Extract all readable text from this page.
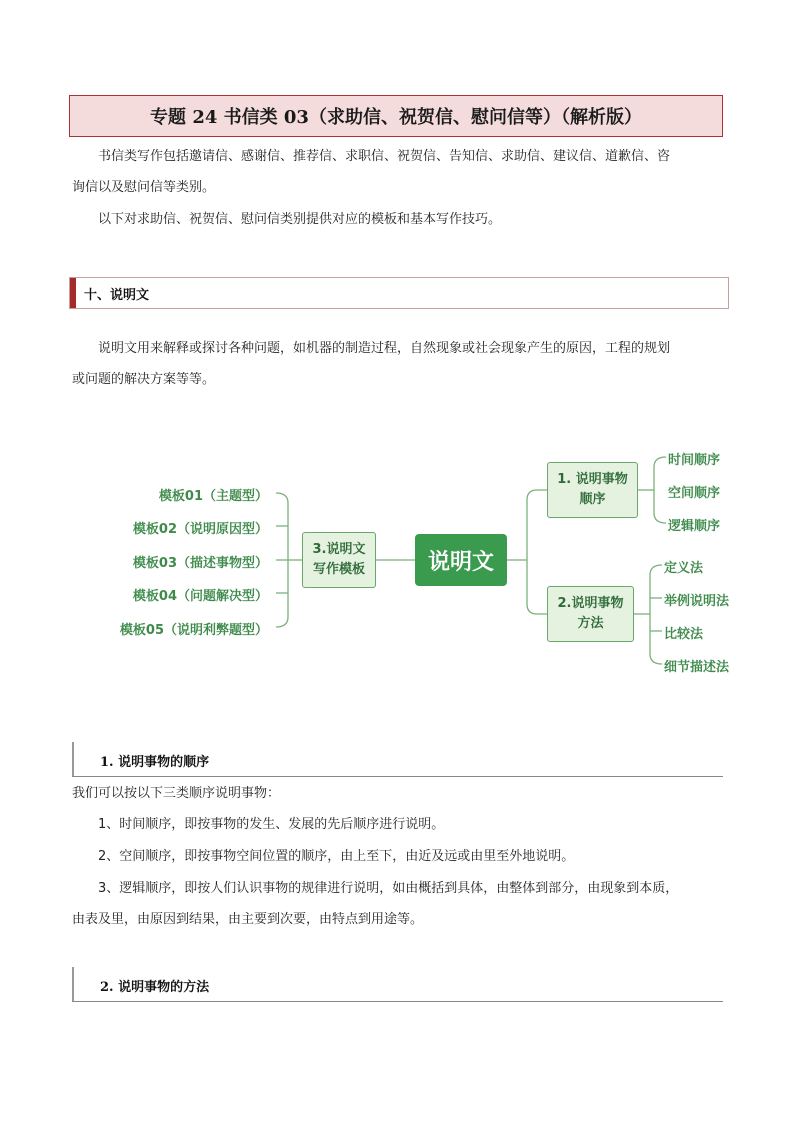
专题 24 书信类 03（求助信、祝贺信、慰问信等）（解析版）
书信类写作包括邀请信、感谢信、推荐信、求职信、祝贺信、告知信、求助信、建议信、道歉信、咨
询信以及慰问信等类别。
以下对求助信、祝贺信、慰问信类别提供对应的模板和基本写作技巧。
十、说明文
说明文用来解释或探讨各种问题，如机器的制造过程，自然现象或社会现象产生的原因，工程的规划
或问题的解决方案等等。
模板01（主题型）
模板02（说明原因型）
模板03（描述事物型）
模板04（问题解决型）
模板05（说明利弊题型）
3.说明文
写作模板	说明文
1. 说明事物
顺序
时间顺序
空间顺序
逻辑顺序
2.说明事物
方法
定义法
举例说明法
比较法
细节描述法
1. 说明事物的顺序
我们可以按以下三类顺序说明事物：
1、时间顺序，即按事物的发生、发展的先后顺序进行说明。
2、空间顺序，即按事物空间位置的顺序，由上至下，由近及远或由里至外地说明。
3、逻辑顺序，即按人们认识事物的规律进行说明，如由概括到具体，由整体到部分，由现象到本质，
由表及里，由原因到结果，由主要到次要，由特点到用途等。
2. 说明事物的方法
